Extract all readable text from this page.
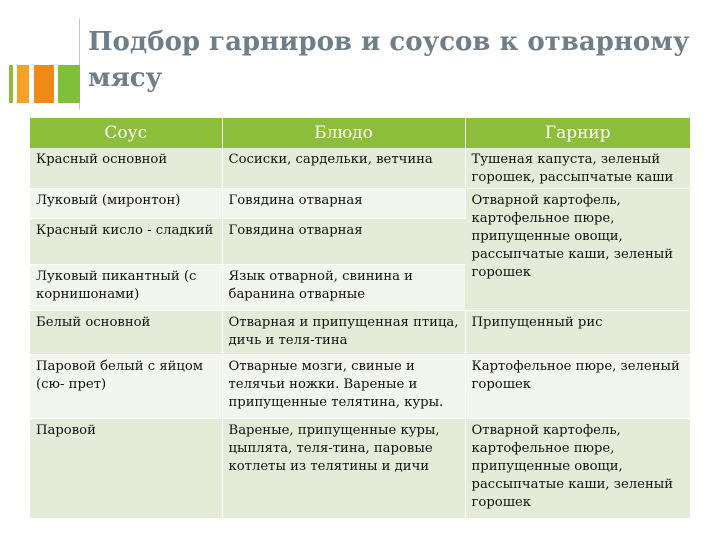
Подбор гарниров и соусов к отварному мясу
Соус	Блюдо	Гарнир
Красный основной	Сосиски, сардельки, ветчина	Тушеная капуста, зеленый горошек, рассыпчатые каши
Луковый (миронтон)	Говядина отварная	Отварной картофель, картофельное пюре, припущенные овощи, рассыпчатые каши, зеленый горошек
Красный кисло - сладкий	Говядина отварная	
Луковый пикантный (с корнишонами)	Язык отварной, свинина и баранина отварные	
Белый основной	Отварная и припущенная птица, дичь и теля-тина	Припущенный рис
Паровой белый с яйцом (сю- прет)	Отварные мозги, свиные и телячьи ножки. Вареные и припущенные телятина, куры.	Картофельное пюре, зеленый горошек
Паровой	Вареные, припущенные куры, цыплята, теля-тина, паровые котлеты из телятины и дичи	Отварной картофель, картофельное пюре, припущенные овощи, рассыпчатые каши, зеленый горошек
